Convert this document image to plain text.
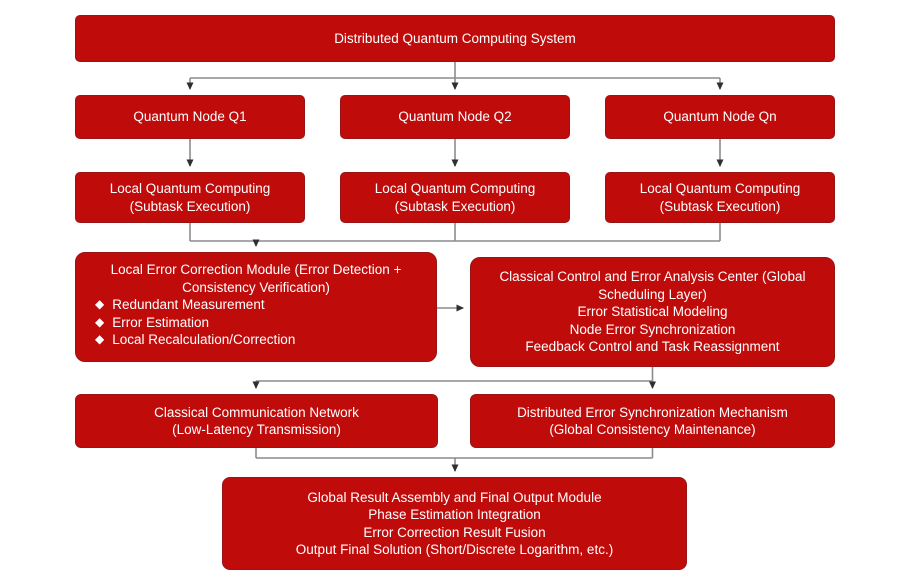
Distributed Quantum Computing System
Quantum Node Q1	Quantum Node Q2	Quantum Node Qn
Local Quantum Computing
(Subtask Execution)
Local Quantum Computing
(Subtask Execution)
Local Quantum Computing
(Subtask Execution)
Local Error Correction Module (Error Detection +
Consistency Verification)
◆ Redundant Measurement
◆ Error Estimation
◆ Local Recalculation/Correction
Classical Control and Error Analysis Center (Global
Scheduling Layer)
Error Statistical Modeling
Node Error Synchronization
Feedback Control and Task Reassignment
Classical Communication Network
(Low-Latency Transmission)
Distributed Error Synchronization Mechanism
(Global Consistency Maintenance)
Global Result Assembly and Final Output Module
Phase Estimation Integration
Error Correction Result Fusion
Output Final Solution (Short/Discrete Logarithm, etc.)
